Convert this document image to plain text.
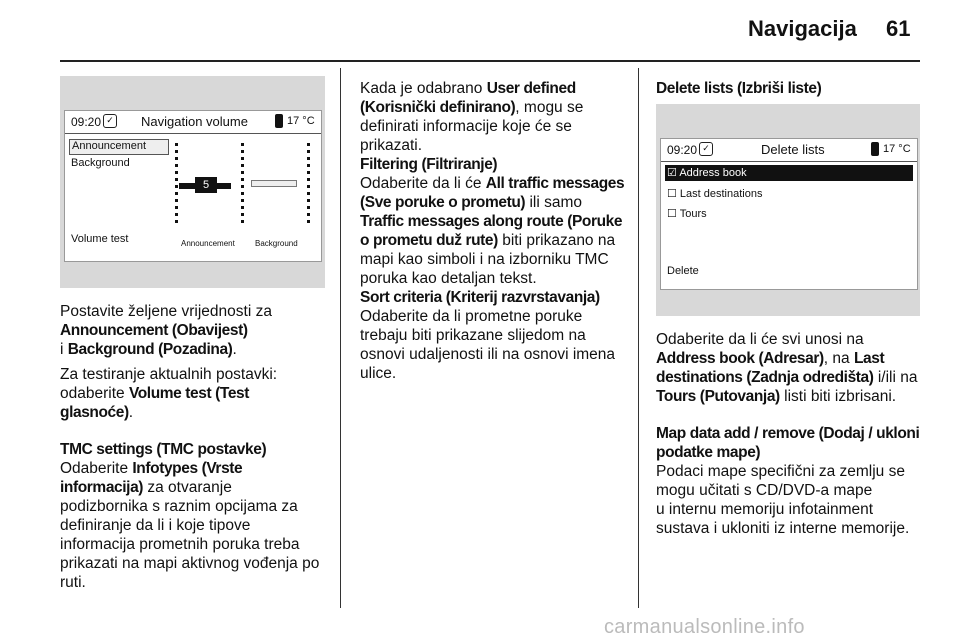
Navigacija 61
09:20 ✓ Navigation volume	17 °C
Announcement
Background
Volume test
5
Announcement	Background
09:20 ✓	Delete lists	17 °C
☑ Address book
☐ Last destinations
☐ Tours
Delete

Postavite željene vrijednosti za
Announcement (Obavijest)
i Background (Pozadina).

Za testiranje aktualnih postavki:
odaberite Volume test (Test
glasnoće).

TMC settings (TMC postavke)
Odaberite Infotypes (Vrste
informacija) za otvaranje
podizbornika s raznim opcijama za
definiranje da li i koje tipove
informacija prometnih poruka treba
prikazati na mapi aktivnog vođenja po
ruti.

Kada je odabrano User defined
(Korisnički definirano), mogu se
definirati informacije koje će se
prikazati.

Filtering (Filtriranje)
Odaberite da li će All traffic messages
(Sve poruke o prometu) ili samo
Traffic messages along route (Poruke
o prometu duž rute) biti prikazano na
mapi kao simboli i na izborniku TMC
poruka kao detaljan tekst.

Sort criteria (Kriterij razvrstavanja)
Odaberite da li prometne poruke
trebaju biti prikazane slijedom na
osnovi udaljenosti ili na osnovi imena
ulice.

Delete lists (Izbriši liste)

Odaberite da li će svi unosi na
Address book (Adresar), na Last
destinations (Zadnja odredišta) i/ili na
Tours (Putovanja) listi biti izbrisani.

Map data add / remove (Dodaj / ukloni
podatke mape)
Podaci mape specifični za zemlju se
mogu učitati s CD/DVD-a mape
u internu memoriju infotainment
sustava i ukloniti iz interne memorije.

carmanualsonline.info
